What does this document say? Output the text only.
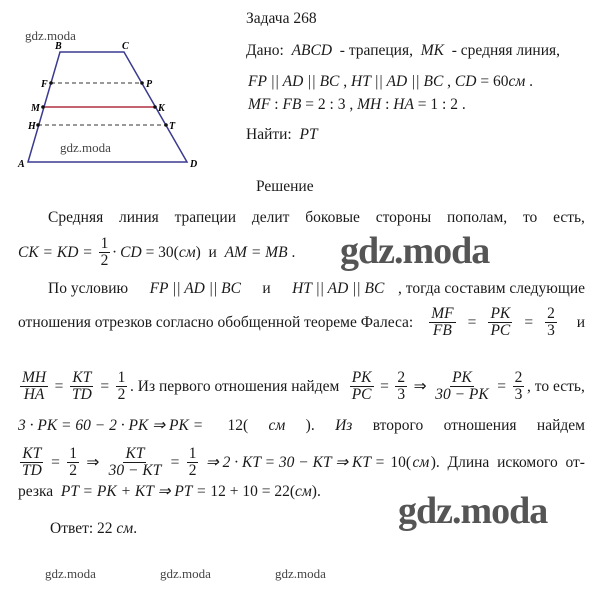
B	C
A	D
F	P
M	K
H	T
gdz.moda
gdz.moda
Задача 268
Дано: ABCD - трапеция, MK - средняя линия,
FP || AD || BC , HT || AD || BC , CD = 60 см .
MF : FB = 2 : 3 , MH : HA = 1 : 2 .
Найти: PT
Решение
Средняя линия трапеции делит боковые стороны пополам, то есть,
CK = KD = $\frac{1}{2}$ · CD = 30( см )  и AM = MB .
По условию FP || AD || BC и HT || AD || BC , тогда составим следующие
отношения отрезков согласно обобщенной теореме Фалеса: $\frac{MF}{FB} = \frac{PK}{PC} = \frac{2}{3}$ и
$\frac{MH}{HA} = \frac{KT}{TD} = \frac{1}{2}$ . Из первого отношения найдем $\frac{PK}{PC} = \frac{2}{3}$ ⇒ $\frac{PK}{30 - PK} = \frac{2}{3}$ , то есть,
3 · PK = 60 − 2 · PK ⇒ PK = 12( см ). Из второго отношения найдем
$\frac{KT}{TD} = \frac{1}{2}$ ⇒ $\frac{KT}{30 - KT} = \frac{1}{2}$ ⇒ 2 · KT = 30 − KT ⇒ KT = 10( см ).  Длина  искомого  от-
резка PT = PK + KT ⇒ PT = 12 + 10 = 22( см ).
Ответ: 22 см .
gdz.moda
gdz.moda
gdz.moda	gdz.moda
gdz.moda
